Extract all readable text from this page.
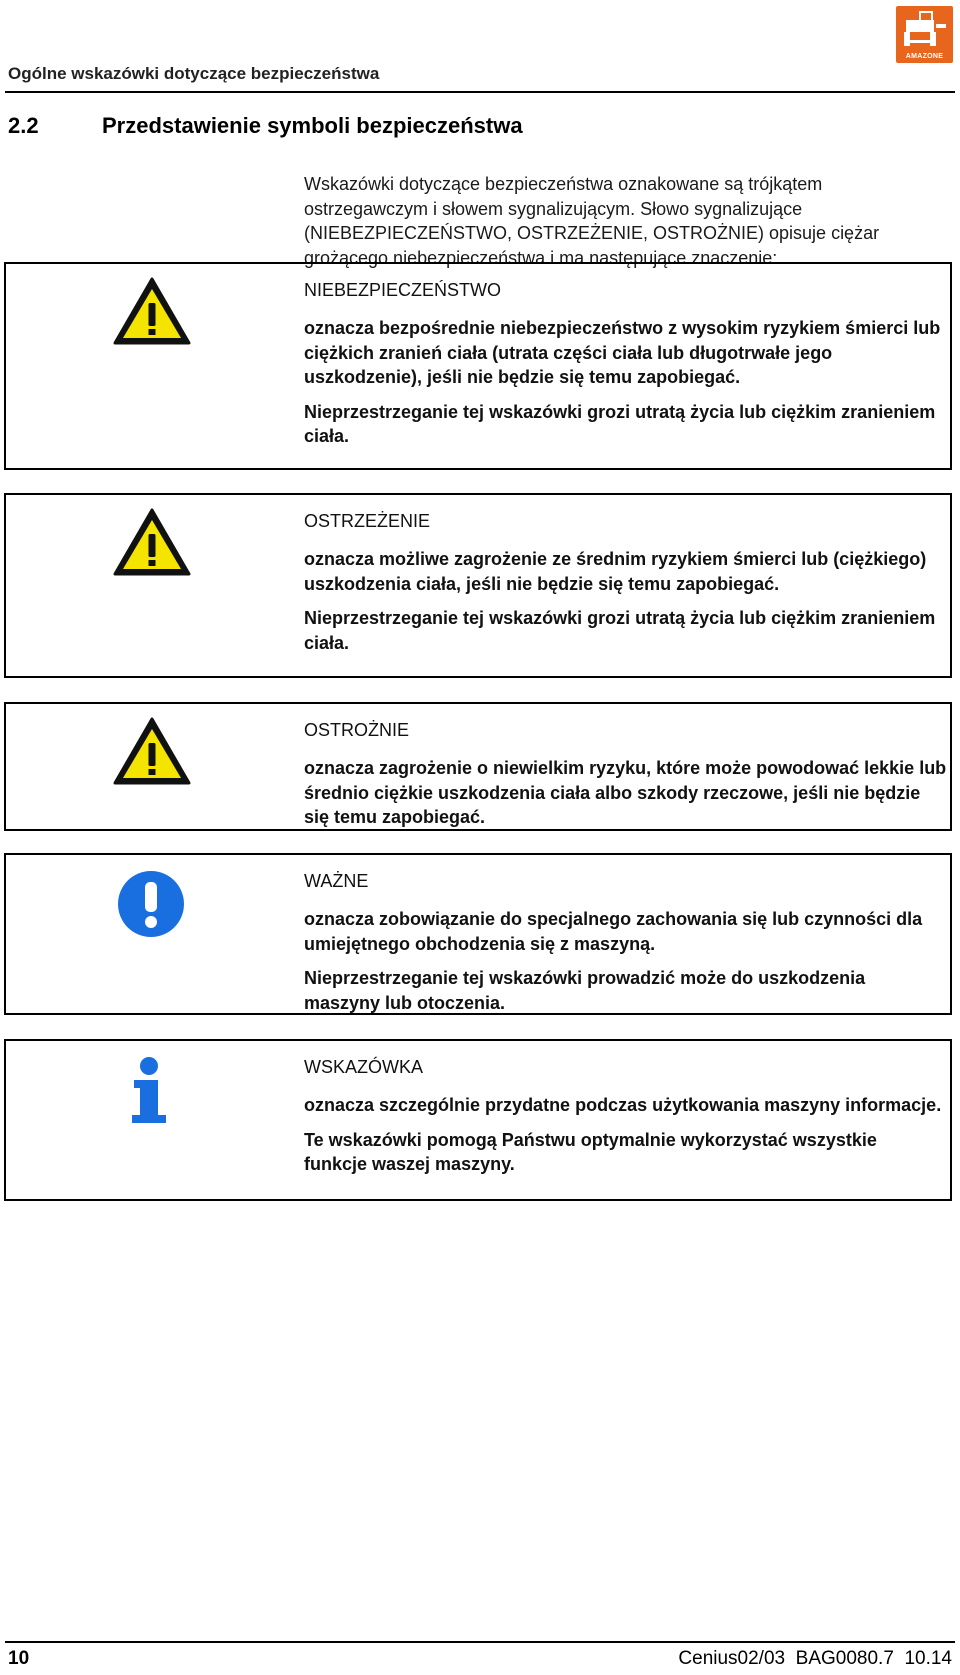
Ogólne wskazówki dotyczące bezpieczeństwa
AMAZONE
2.2	Przedstawienie symboli bezpieczeństwa
Wskazówki dotyczące bezpieczeństwa oznakowane są trójkątem ostrzegawczym i słowem sygnalizującym. Słowo sygnalizujące (NIEBEZPIECZEŃSTWO, OSTRZEŻENIE, OSTROŻNIE) opisuje ciężar grożącego niebezpieczeństwa i ma następujące znaczenie:
NIEBEZPIECZEŃSTWO
oznacza bezpośrednie niebezpieczeństwo z wysokim ryzykiem śmierci lub ciężkich zranień ciała (utrata części ciała lub długotrwałe jego uszkodzenie), jeśli nie będzie się temu zapobiegać.
Nieprzestrzeganie tej wskazówki grozi utratą życia lub ciężkim zranieniem ciała.
OSTRZEŻENIE
oznacza możliwe zagrożenie ze średnim ryzykiem śmierci lub (ciężkiego) uszkodzenia ciała, jeśli nie będzie się temu zapobiegać.
Nieprzestrzeganie tej wskazówki grozi utratą życia lub ciężkim zranieniem ciała.
OSTROŻNIE
oznacza zagrożenie o niewielkim ryzyku, które może powodować lekkie lub średnio ciężkie uszkodzenia ciała albo szkody rzeczowe, jeśli nie będzie się temu zapobiegać.
WAŻNE
oznacza zobowiązanie do specjalnego zachowania się lub czynności dla umiejętnego obchodzenia się z maszyną.
Nieprzestrzeganie tej wskazówki prowadzić może do uszkodzenia maszyny lub otoczenia.
WSKAZÓWKA
oznacza szczególnie przydatne podczas użytkowania maszyny informacje.
Te wskazówki pomogą Państwu optymalnie wykorzystać wszystkie funkcje waszej maszyny.
10	Cenius02/03  BAG0080.7  10.14
